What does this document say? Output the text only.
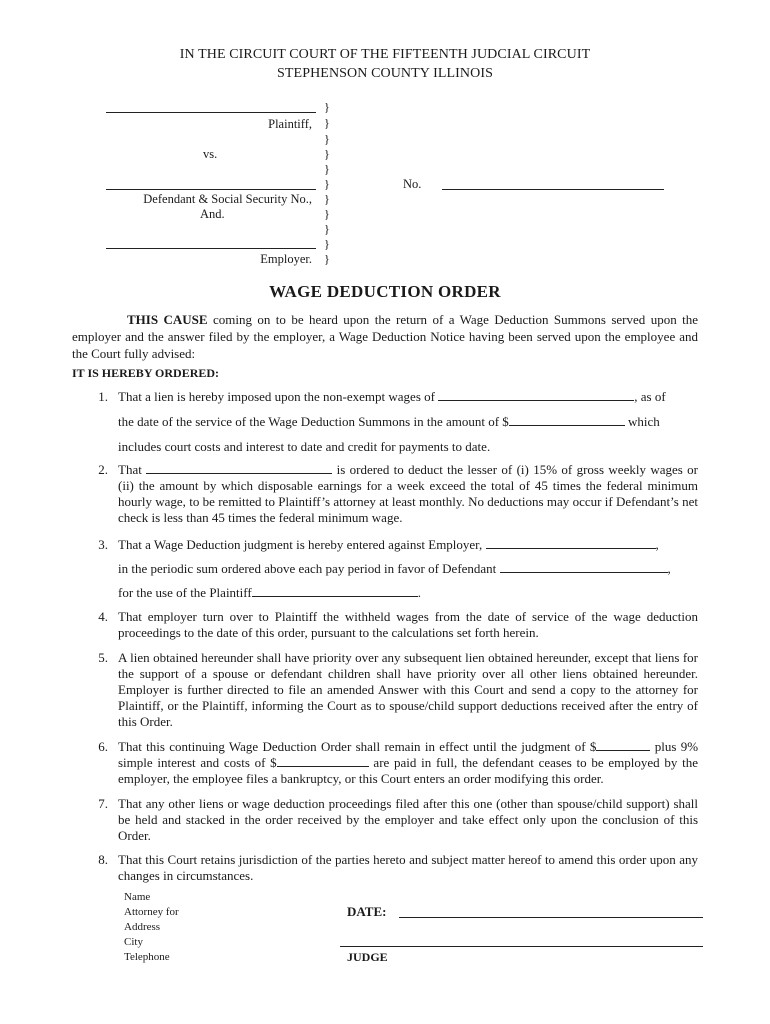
IN THE CIRCUIT COURT OF THE FIFTEENTH JUDCIAL CIRCUIT
STEPHENSON COUNTY ILLINOIS
Plaintiff,
vs.
Defendant & Social Security No.,
And.
Employer.
}
}
}
}
}
}
}
}
}
}
}
No.
WAGE DEDUCTION ORDER
THIS CAUSE coming on to be heard upon the return of a Wage Deduction Summons served upon the employer and the answer filed by the employer, a Wage Deduction Notice having been served upon the employee and the Court fully advised:
IT IS HEREBY ORDERED:
1. That a lien is hereby imposed upon the non-exempt wages of	, as of
the date of the service of the Wage Deduction Summons in the amount of $	which
includes court costs and interest to date and credit for payments to date.
2. That	is ordered to deduct the lesser of (i) 15% of gross weekly wages or (ii) the amount by which disposable earnings for a week exceed the total of 45 times the federal minimum hourly wage, to be remitted to Plaintiff’s attorney at least monthly. No deductions may occur if Defendant’s net check is less than 45 times the federal minimum wage.
3. That a Wage Deduction judgment is hereby entered against Employer,	,
in the periodic sum ordered above each pay period in favor of Defendant	,
for the use of the Plaintiff	.
4. That employer turn over to Plaintiff the withheld wages from the date of service of the wage deduction proceedings to the date of this order, pursuant to the calculations set forth herein.
5. A lien obtained hereunder shall have priority over any subsequent lien obtained hereunder, except that liens for the support of a spouse or defendant children shall have priority over all other liens obtained hereunder. Employer is further directed to file an amended Answer with this Court and send a copy to the attorney for Plaintiff, or the Plaintiff, informing the Court as to spouse/child support deductions received after the entry of this Order.
6. That this continuing Wage Deduction Order shall remain in effect until the judgment of $	plus 9% simple interest and costs of $	are paid in full, the defendant ceases to be employed by the employer, the employee files a bankruptcy, or this Court enters an order modifying this order.
7. That any other liens or wage deduction proceedings filed after this one (other than spouse/child support) shall be held and stacked in the order received by the employer and take effect only upon the conclusion of this Order.
8. That this Court retains jurisdiction of the parties hereto and subject matter hereof to amend this order upon any changes in circumstances.
Name
Attorney for
Address
City
Telephone
DATE:
JUDGE
